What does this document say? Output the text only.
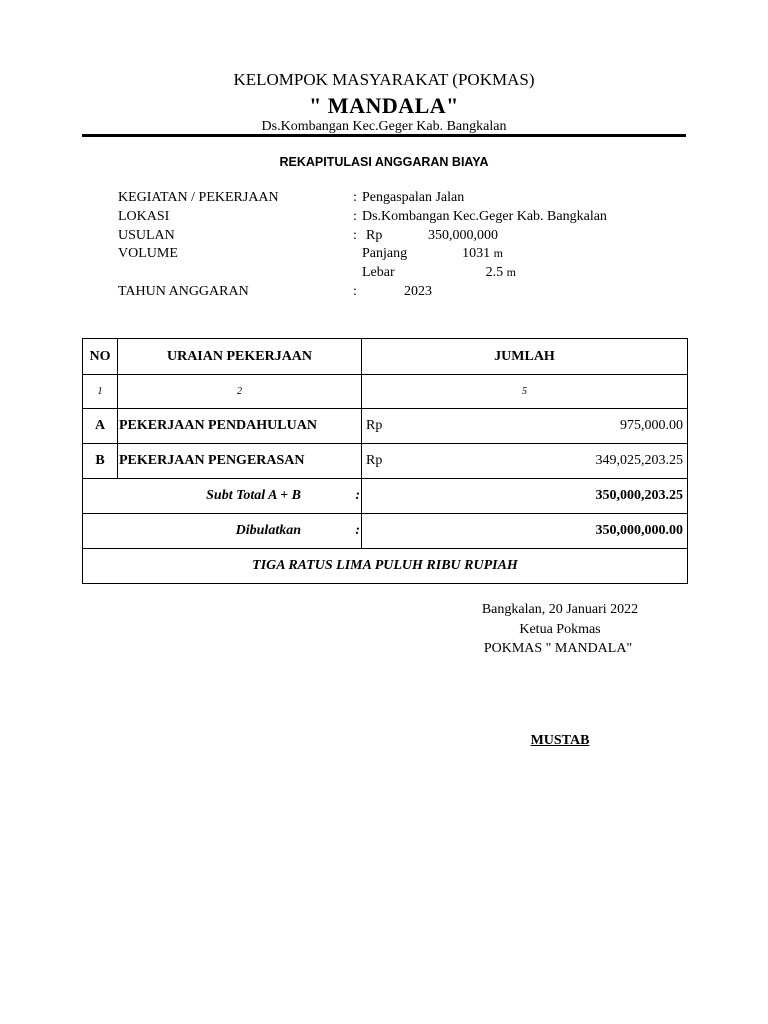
KELOMPOK MASYARAKAT (POKMAS)
" MANDALA"
Ds.Kombangan Kec.Geger Kab. Bangkalan
REKAPITULASI ANGGARAN BIAYA
KEGIATAN / PEKERJAAN	: Pengaspalan Jalan
LOKASI	: Ds.Kombangan Kec.Geger Kab. Bangkalan
USULAN	: Rp	350,000,000
VOLUME	Panjang	1031 m
Lebar	2.5 m
TAHUN ANGGARAN	:	2023
NO	URAIAN PEKERJAAN	JUMLAH
1	2	5
A	PEKERJAAN PENDAHULUAN	Rp 975,000.00

B	PEKERJAAN PENGERASAN	Rp 349,025,203.25

Subt Total A + B :		350,000,203.25

Dibulatkan :		350,000,000.00
TIGA RATUS LIMA PULUH RIBU RUPIAH		
Bangkalan, 20 Januari 2022
Ketua Pokmas
POKMAS " MANDALA"
MUSTAB
